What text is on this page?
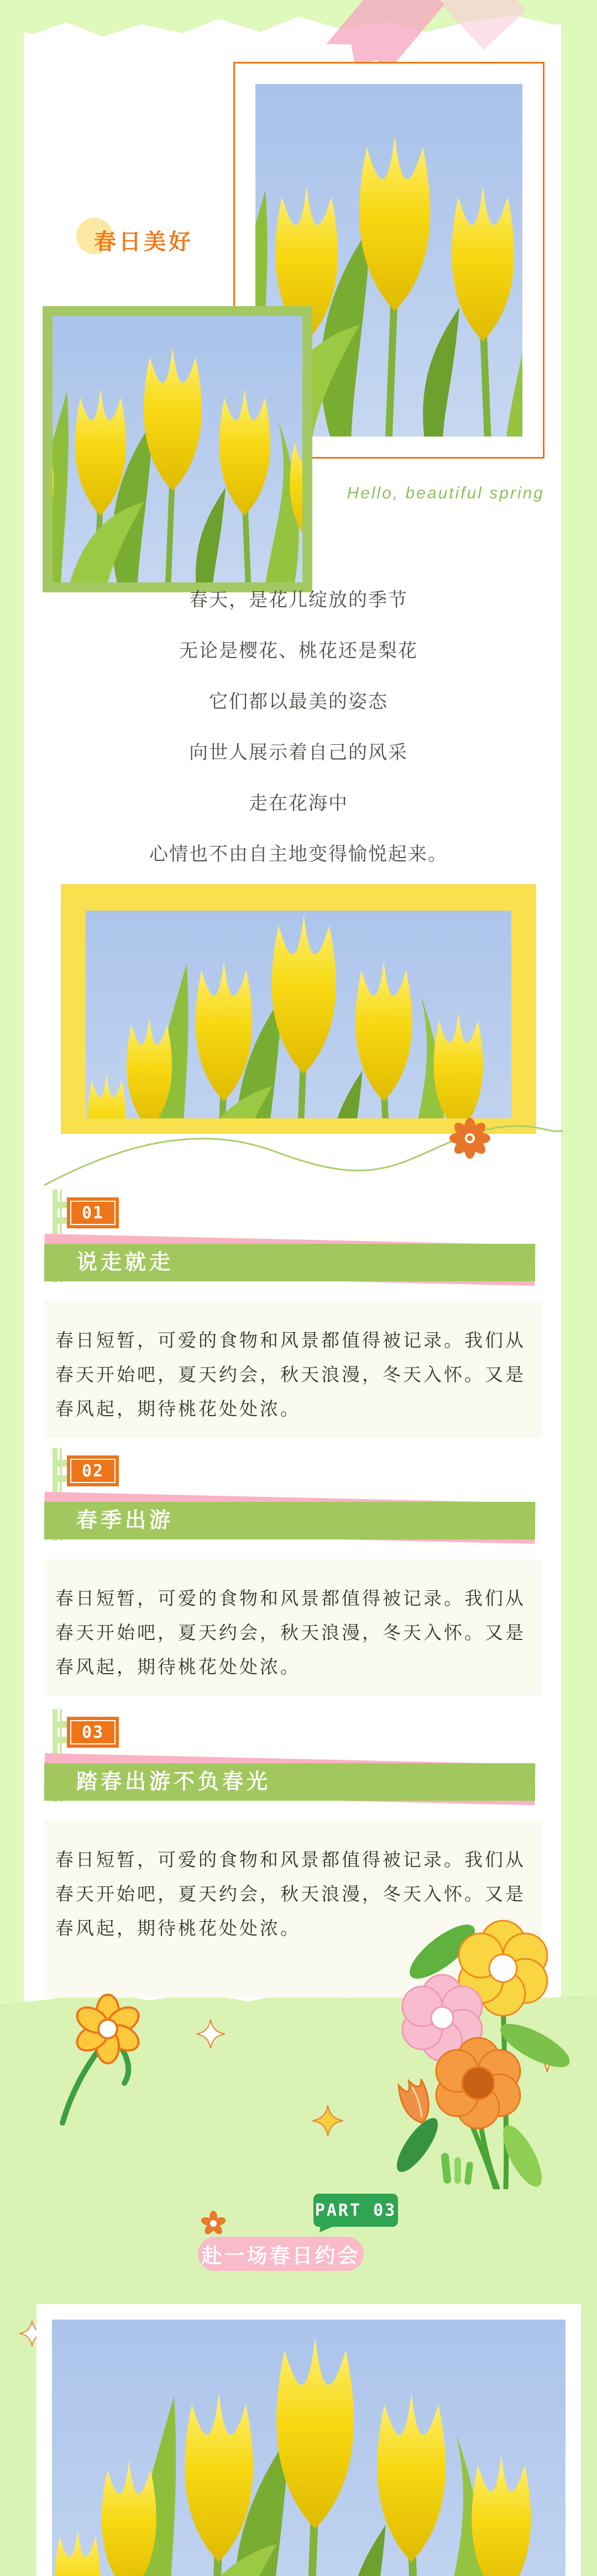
春日美好
Hello, beautiful spring
春天，是花儿绽放的季节
无论是樱花、桃花还是梨花
它们都以最美的姿态
向世人展示着自己的风采
走在花海中
心情也不由自主地变得愉悦起来。
01
说走就走
春日短暂，可爱的食物和风景都值得被记录。我们从春天开始吧，夏天约会，秋天浪漫，冬天入怀。又是春风起，期待桃花处处浓。
02
春季出游
春日短暂，可爱的食物和风景都值得被记录。我们从春天开始吧，夏天约会，秋天浪漫，冬天入怀。又是春风起，期待桃花处处浓。
03
踏春出游不负春光
春日短暂，可爱的食物和风景都值得被记录。我们从春天开始吧，夏天约会，秋天浪漫，冬天入怀。又是春风起，期待桃花处处浓。
PART 03
赴一场春日约会
